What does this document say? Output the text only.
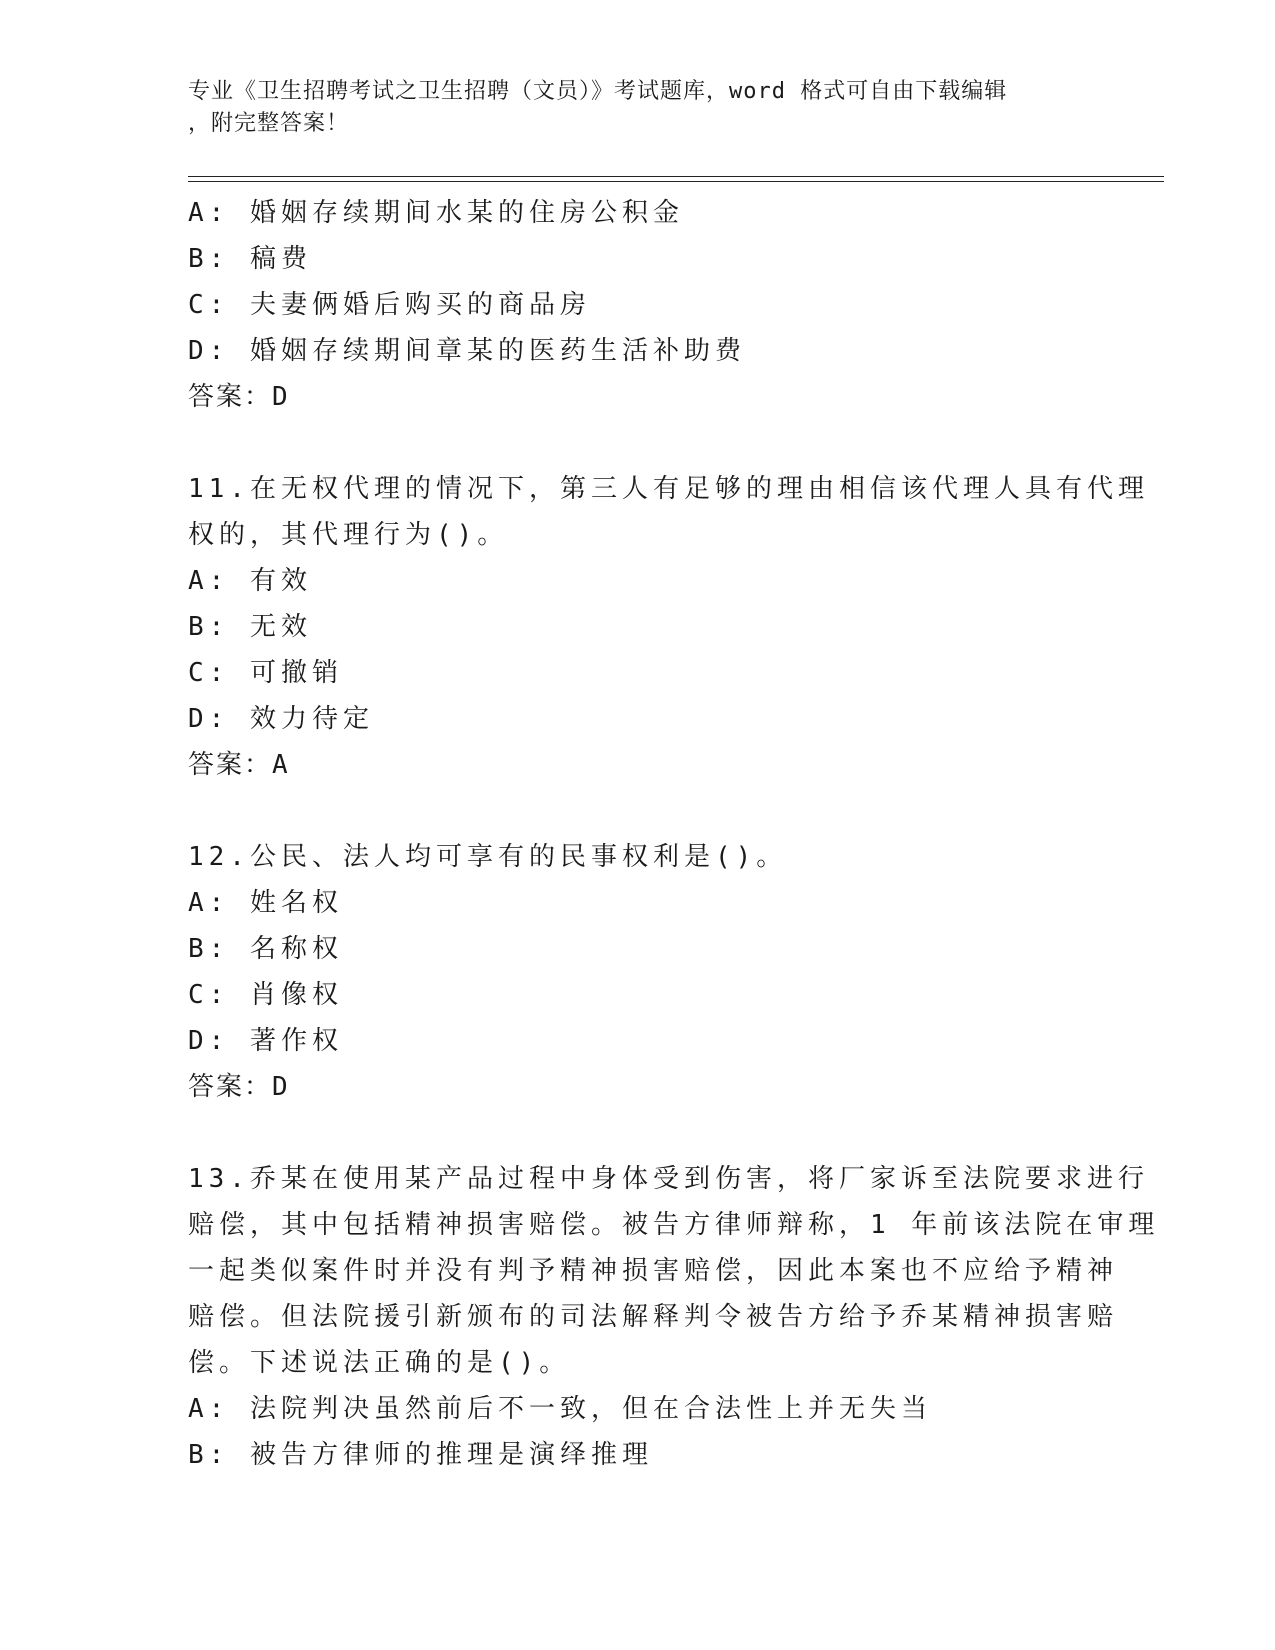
专业《卫生招聘考试之卫生招聘（文员）》考试题库，word 格式可自由下载编辑
，附完整答案！
A: 婚姻存续期间水某的住房公积金
B: 稿费
C: 夫妻俩婚后购买的商品房
D: 婚姻存续期间章某的医药生活补助费
答案：D
11.在无权代理的情况下，第三人有足够的理由相信该代理人具有代理
权的，其代理行为()。
A: 有效
B: 无效
C: 可撤销
D: 效力待定
答案：A
12.公民、法人均可享有的民事权利是()。
A: 姓名权
B: 名称权
C: 肖像权
D: 著作权
答案：D
13.乔某在使用某产品过程中身体受到伤害，将厂家诉至法院要求进行
赔偿，其中包括精神损害赔偿。被告方律师辩称，1 年前该法院在审理
一起类似案件时并没有判予精神损害赔偿，因此本案也不应给予精神
赔偿。但法院援引新颁布的司法解释判令被告方给予乔某精神损害赔
偿。下述说法正确的是()。
A: 法院判决虽然前后不一致，但在合法性上并无失当
B: 被告方律师的推理是演绎推理
